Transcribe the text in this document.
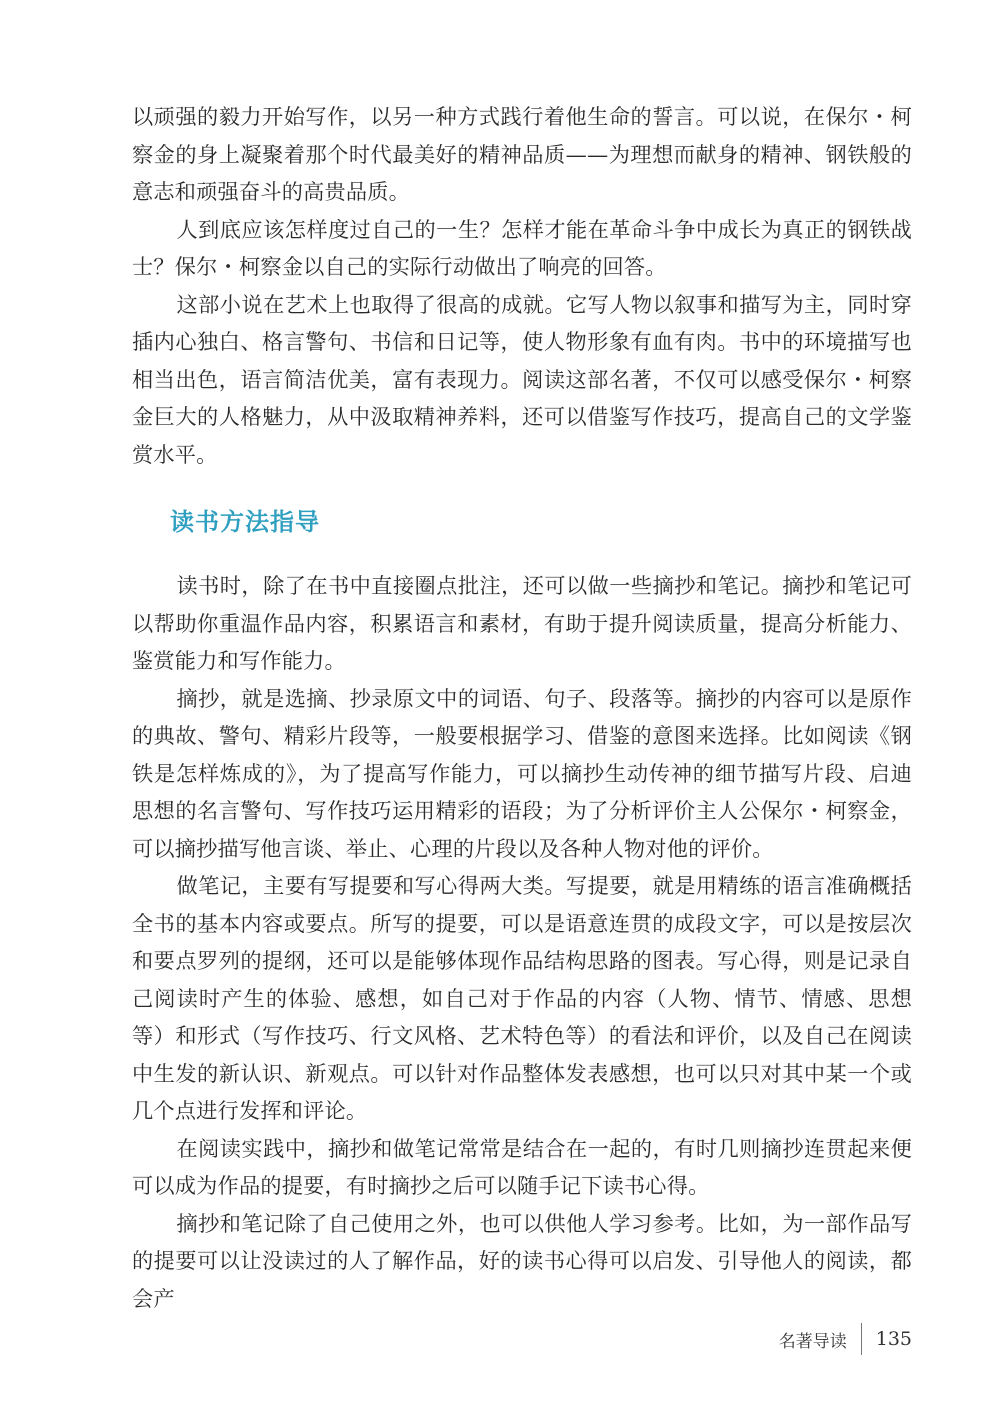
以顽强的毅力开始写作，以另一种方式践行着他生命的誓言。可以说，在保尔・柯察金的身上凝聚着那个时代最美好的精神品质——为理想而献身的精神、钢铁般的意志和顽强奋斗的高贵品质。

人到底应该怎样度过自己的一生？怎样才能在革命斗争中成长为真正的钢铁战士？保尔・柯察金以自己的实际行动做出了响亮的回答。

这部小说在艺术上也取得了很高的成就。它写人物以叙事和描写为主，同时穿插内心独白、格言警句、书信和日记等，使人物形象有血有肉。书中的环境描写也相当出色，语言简洁优美，富有表现力。阅读这部名著，不仅可以感受保尔・柯察金巨大的人格魅力，从中汲取精神养料，还可以借鉴写作技巧，提高自己的文学鉴赏水平。

读书方法指导

读书时，除了在书中直接圈点批注，还可以做一些摘抄和笔记。摘抄和笔记可以帮助你重温作品内容，积累语言和素材，有助于提升阅读质量，提高分析能力、鉴赏能力和写作能力。

摘抄，就是选摘、抄录原文中的词语、句子、段落等。摘抄的内容可以是原作的典故、警句、精彩片段等，一般要根据学习、借鉴的意图来选择。比如阅读《钢铁是怎样炼成的》，为了提高写作能力，可以摘抄生动传神的细节描写片段、启迪思想的名言警句、写作技巧运用精彩的语段；为了分析评价主人公保尔・柯察金，可以摘抄描写他言谈、举止、心理的片段以及各种人物对他的评价。

做笔记，主要有写提要和写心得两大类。写提要，就是用精练的语言准确概括全书的基本内容或要点。所写的提要，可以是语意连贯的成段文字，可以是按层次和要点罗列的提纲，还可以是能够体现作品结构思路的图表。写心得，则是记录自己阅读时产生的体验、感想，如自己对于作品的内容（人物、情节、情感、思想等）和形式（写作技巧、行文风格、艺术特色等）的看法和评价，以及自己在阅读中生发的新认识、新观点。可以针对作品整体发表感想，也可以只对其中某一个或几个点进行发挥和评论。

在阅读实践中，摘抄和做笔记常常是结合在一起的，有时几则摘抄连贯起来便可以成为作品的提要，有时摘抄之后可以随手记下读书心得。

摘抄和笔记除了自己使用之外，也可以供他人学习参考。比如，为一部作品写的提要可以让没读过的人了解作品，好的读书心得可以启发、引导他人的阅读，都会产

名著导读 135
